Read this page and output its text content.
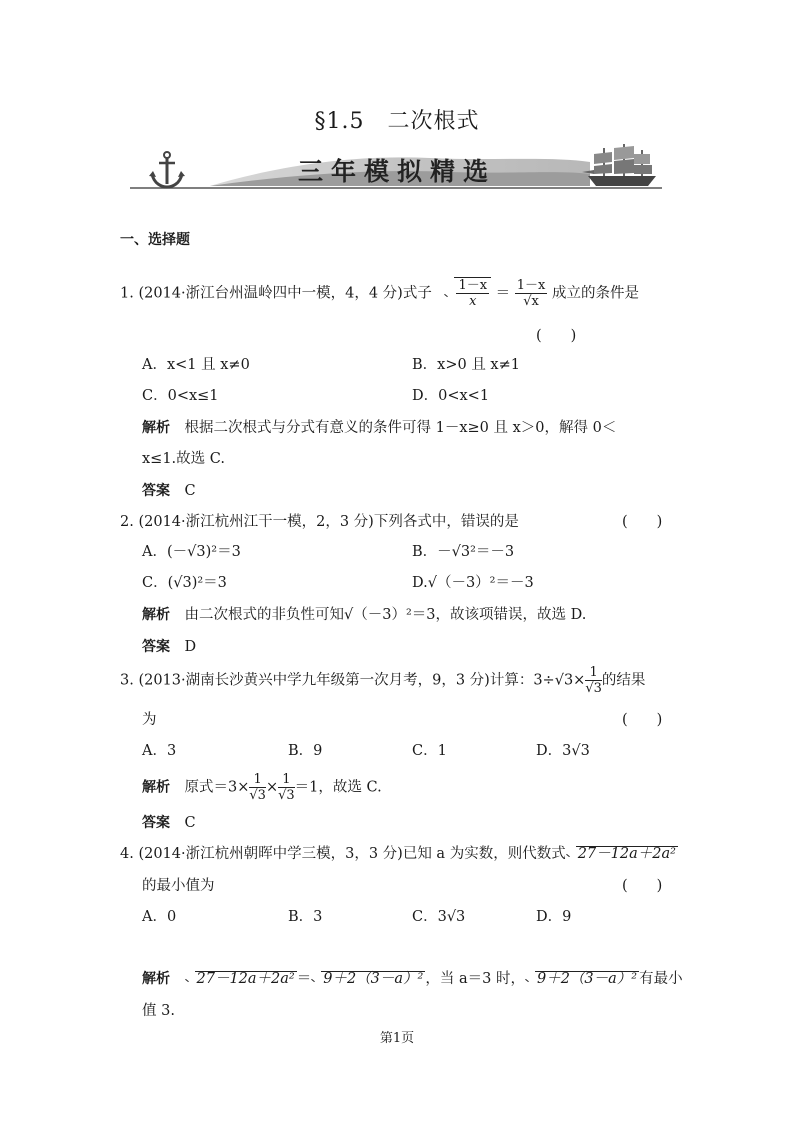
§1.5　二次根式
三年模拟精选
一、选择题
1. (2014·浙江台州温岭四中一模，4，4 分)式子 $\frac{1-x}{x} = \frac{1-x}{√x}$ 成立的条件是
(　　)
A．x<1 且 x≠0	B．x>0 且 x≠1
C．0<x≤1	D．0<x<1
解析　 根据二次根式与分式有意义的条件可得 1－x≥0 且 x＞0，解得 0＜
x≤1.故选 C.
答案　 C
2. (2014·浙江杭州江干一模，2，3 分)下列各式中，错误的是	(　　)
A．(－√3)²＝3	B．－√3²＝－3
C．(√3)²＝3	D.√（－3）²＝－3
解析　 由二次根式的非负性可知√（－3）²＝3，故该项错误，故选 D.
答案　 D
3. (2013·湖南长沙黄兴中学九年级第一次月考，9，3 分)计算：$3\div√3\times \frac{1}{√3}$ 的结果
为	(　　)
A．3	B．9	C．1	D．3√3
解析　 原式$=3\times \frac{1}{√3} \times \frac{1}{√3} =1$，故选 C.
答案　 C
4. (2014·浙江杭州朝晖中学三模，3，3 分)已知 a 为实数，则代数式 27－12a＋2a²
的最小值为	(　　)
A．0	B．3	C．3√3	D．9
解析　 27－12a＋2a² ＝ 9＋2（3－a）² ，当 a＝3 时， 9＋2（3－a）² 有最小
值 3.
第1页
